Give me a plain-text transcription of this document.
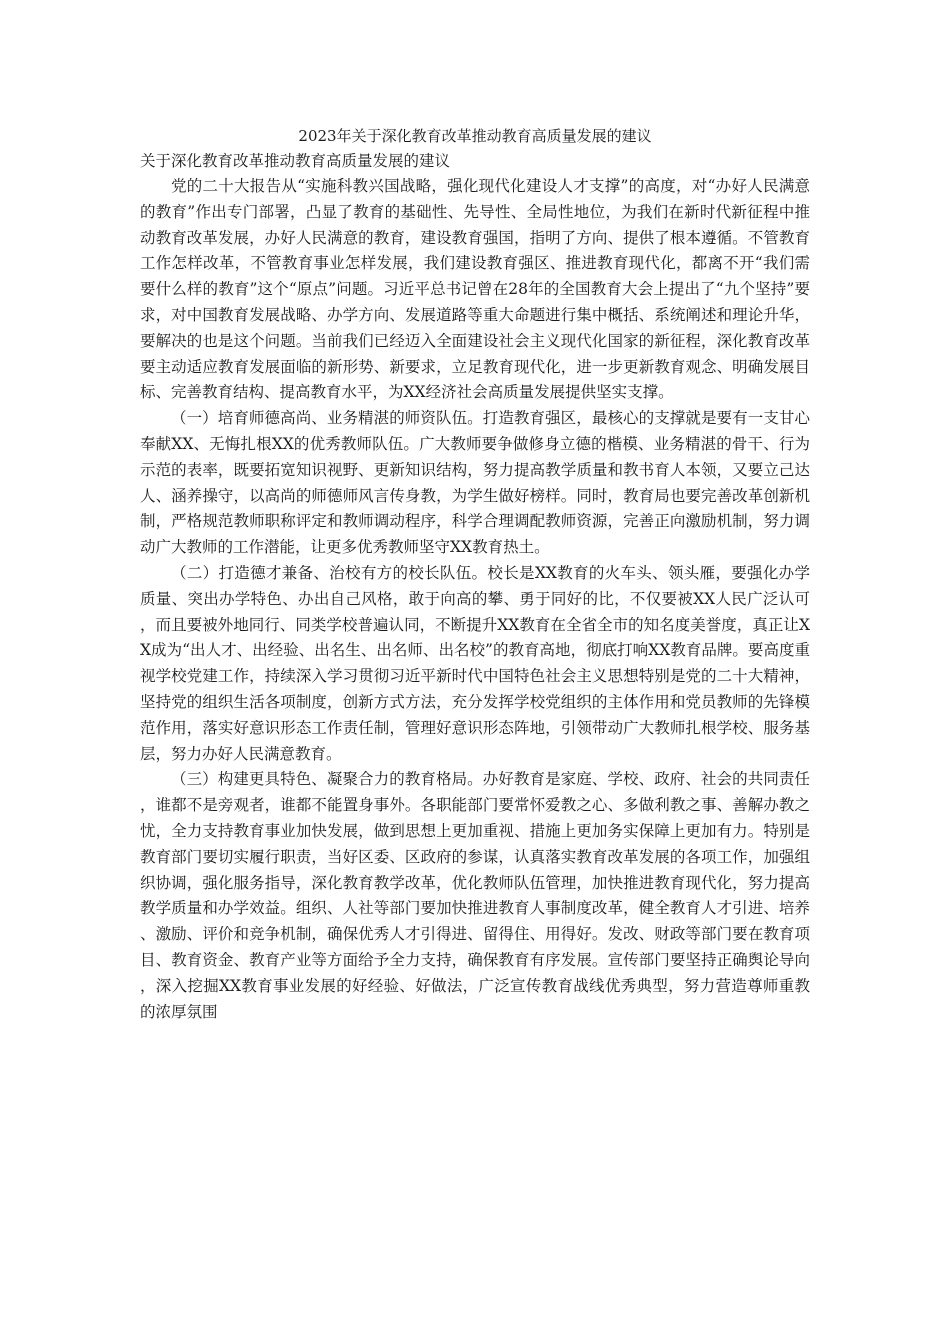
2023年关于深化教育改革推动教育高质量发展的建议
关于深化教育改革推动教育高质量发展的建议

党的二十大报告从“实施科教兴国战略，强化现代化建设人才支撑”的高度，对“办好人民满意的教育”作出专门部署，凸显了教育的基础性、先导性、全局性地位，为我们在新时代新征程中推动教育改革发展，办好人民满意的教育，建设教育强国，指明了方向、提供了根本遵循。不管教育工作怎样改革，不管教育事业怎样发展，我们建设教育强区、推进教育现代化，都离不开“我们需要什么样的教育”这个“原点”问题。习近平总书记曾在28年的全国教育大会上提出了“九个坚持”要求，对中国教育发展战略、办学方向、发展道路等重大命题进行集中概括、系统阐述和理论升华，要解决的也是这个问题。当前我们已经迈入全面建设社会主义现代化国家的新征程，深化教育改革要主动适应教育发展面临的新形势、新要求，立足教育现代化，进一步更新教育观念、明确发展目标、完善教育结构、提高教育水平，为XX经济社会高质量发展提供坚实支撑。

（一）培育师德高尚、业务精湛的师资队伍。打造教育强区，最核心的支撑就是要有一支甘心奉献XX、无悔扎根XX的优秀教师队伍。广大教师要争做修身立德的楷模、业务精湛的骨干、行为示范的表率，既要拓宽知识视野、更新知识结构，努力提高教学质量和教书育人本领，又要立己达人、涵养操守，以高尚的师德师风言传身教，为学生做好榜样。同时，教育局也要完善改革创新机制，严格规范教师职称评定和教师调动程序，科学合理调配教师资源，完善正向激励机制，努力调动广大教师的工作潜能，让更多优秀教师坚守XX教育热土。

（二）打造德才兼备、治校有方的校长队伍。校长是XX教育的火车头、领头雁，要强化办学质量、突出办学特色、办出自己风格，敢于向高的攀、勇于同好的比，不仅要被XX人民广泛认可，而且要被外地同行、同类学校普遍认同，不断提升XX教育在全省全市的知名度美誉度，真正让XX成为“出人才、出经验、出名生、出名师、出名校”的教育高地，彻底打响XX教育品牌。要高度重视学校党建工作，持续深入学习贯彻习近平新时代中国特色社会主义思想特别是党的二十大精神，坚持党的组织生活各项制度，创新方式方法，充分发挥学校党组织的主体作用和党员教师的先锋模范作用，落实好意识形态工作责任制，管理好意识形态阵地，引领带动广大教师扎根学校、服务基层，努力办好人民满意教育。

（三）构建更具特色、凝聚合力的教育格局。办好教育是家庭、学校、政府、社会的共同责任，谁都不是旁观者，谁都不能置身事外。各职能部门要常怀爱教之心、多做利教之事、善解办教之忧，全力支持教育事业加快发展，做到思想上更加重视、措施上更加务实保障上更加有力。特别是教育部门要切实履行职责，当好区委、区政府的参谋，认真落实教育改革发展的各项工作，加强组织协调，强化服务指导，深化教育教学改革，优化教师队伍管理，加快推进教育现代化，努力提高教学质量和办学效益。组织、人社等部门要加快推进教育人事制度改革，健全教育人才引进、培养、激励、评价和竞争机制，确保优秀人才引得进、留得住、用得好。发改、财政等部门要在教育项目、教育资金、教育产业等方面给予全力支持，确保教育有序发展。宣传部门要坚持正确舆论导向，深入挖掘XX教育事业发展的好经验、好做法，广泛宣传教育战线优秀典型，努力营造尊师重教的浓厚氛围
